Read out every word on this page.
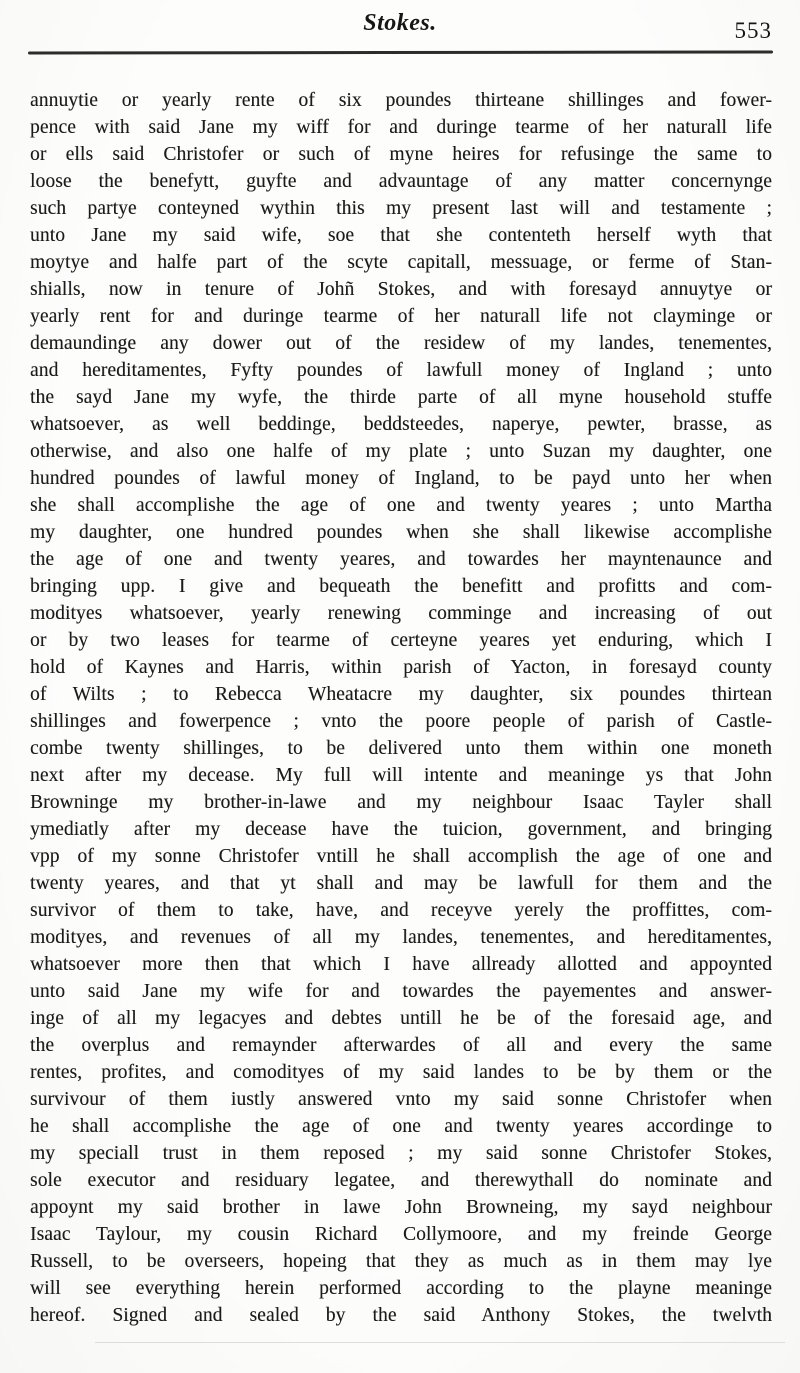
Stokes.	553
annuytie or yearly rente of six poundes thirteane shillinges and fower-
pence with said Jane my wiff for and duringe tearme of her naturall life
or ells said Christofer or such of myne heires for refusinge the same to
loose the benefytt, guyfte and advauntage of any matter concernynge
such partye conteyned wythin this my present last will and testamente ;
unto Jane my said wife, soe that she contenteth herself wyth that
moytye and halfe part of the scyte capitall, messuage, or ferme of Stan-
shialls, now in tenure of Johñ Stokes, and with foresayd annuytye or
yearly rent for and duringe tearme of her naturall life not clayminge or
demaundinge any dower out of the residew of my landes, tenementes,
and hereditamentes, Fyfty poundes of lawfull money of Ingland ; unto
the sayd Jane my wyfe, the thirde parte of all myne household stuffe
whatsoever, as well beddinge, beddsteedes, naperye, pewter, brasse, as
otherwise, and also one halfe of my plate ; unto Suzan my daughter, one
hundred poundes of lawful money of Ingland, to be payd unto her when
she shall accomplishe the age of one and twenty yeares ; unto Martha
my daughter, one hundred poundes when she shall likewise accomplishe
the age of one and twenty yeares, and towardes her mayntenaunce and
bringing upp. I give and bequeath the benefitt and profitts and com-
modityes whatsoever, yearly renewing comminge and increasing of out
or by two leases for tearme of certeyne yeares yet enduring, which I
hold of Kaynes and Harris, within parish of Yacton, in foresayd county
of Wilts ; to Rebecca Wheatacre my daughter, six poundes thirtean
shillinges and fowerpence ; vnto the poore people of parish of Castle-
combe twenty shillinges, to be delivered unto them within one moneth
next after my decease. My full will intente and meaninge ys that John
Browninge my brother-in-lawe and my neighbour Isaac Tayler shall
ymediatly after my decease have the tuicion, government, and bringing
vpp of my sonne Christofer vntill he shall accomplish the age of one and
twenty yeares, and that yt shall and may be lawfull for them and the
survivor of them to take, have, and receyve yerely the proffittes, com-
modityes, and revenues of all my landes, tenementes, and hereditamentes,
whatsoever more then that which I have allready allotted and appoynted
unto said Jane my wife for and towardes the payementes and answer-
inge of all my legacyes and debtes untill he be of the foresaid age, and
the overplus and remaynder afterwardes of all and every the same
rentes, profites, and comodityes of my said landes to be by them or the
survivour of them iustly answered vnto my said sonne Christofer when
he shall accomplishe the age of one and twenty yeares accordinge to
my speciall trust in them reposed ; my said sonne Christofer Stokes,
sole executor and residuary legatee, and therewythall do nominate and
appoynt my said brother in lawe John Browneing, my sayd neighbour
Isaac Taylour, my cousin Richard Collymoore, and my freinde George
Russell, to be overseers, hopeing that they as much as in them may lye
will see everything herein performed according to the playne meaninge
hereof. Signed and sealed by the said Anthony Stokes, the twelvth
